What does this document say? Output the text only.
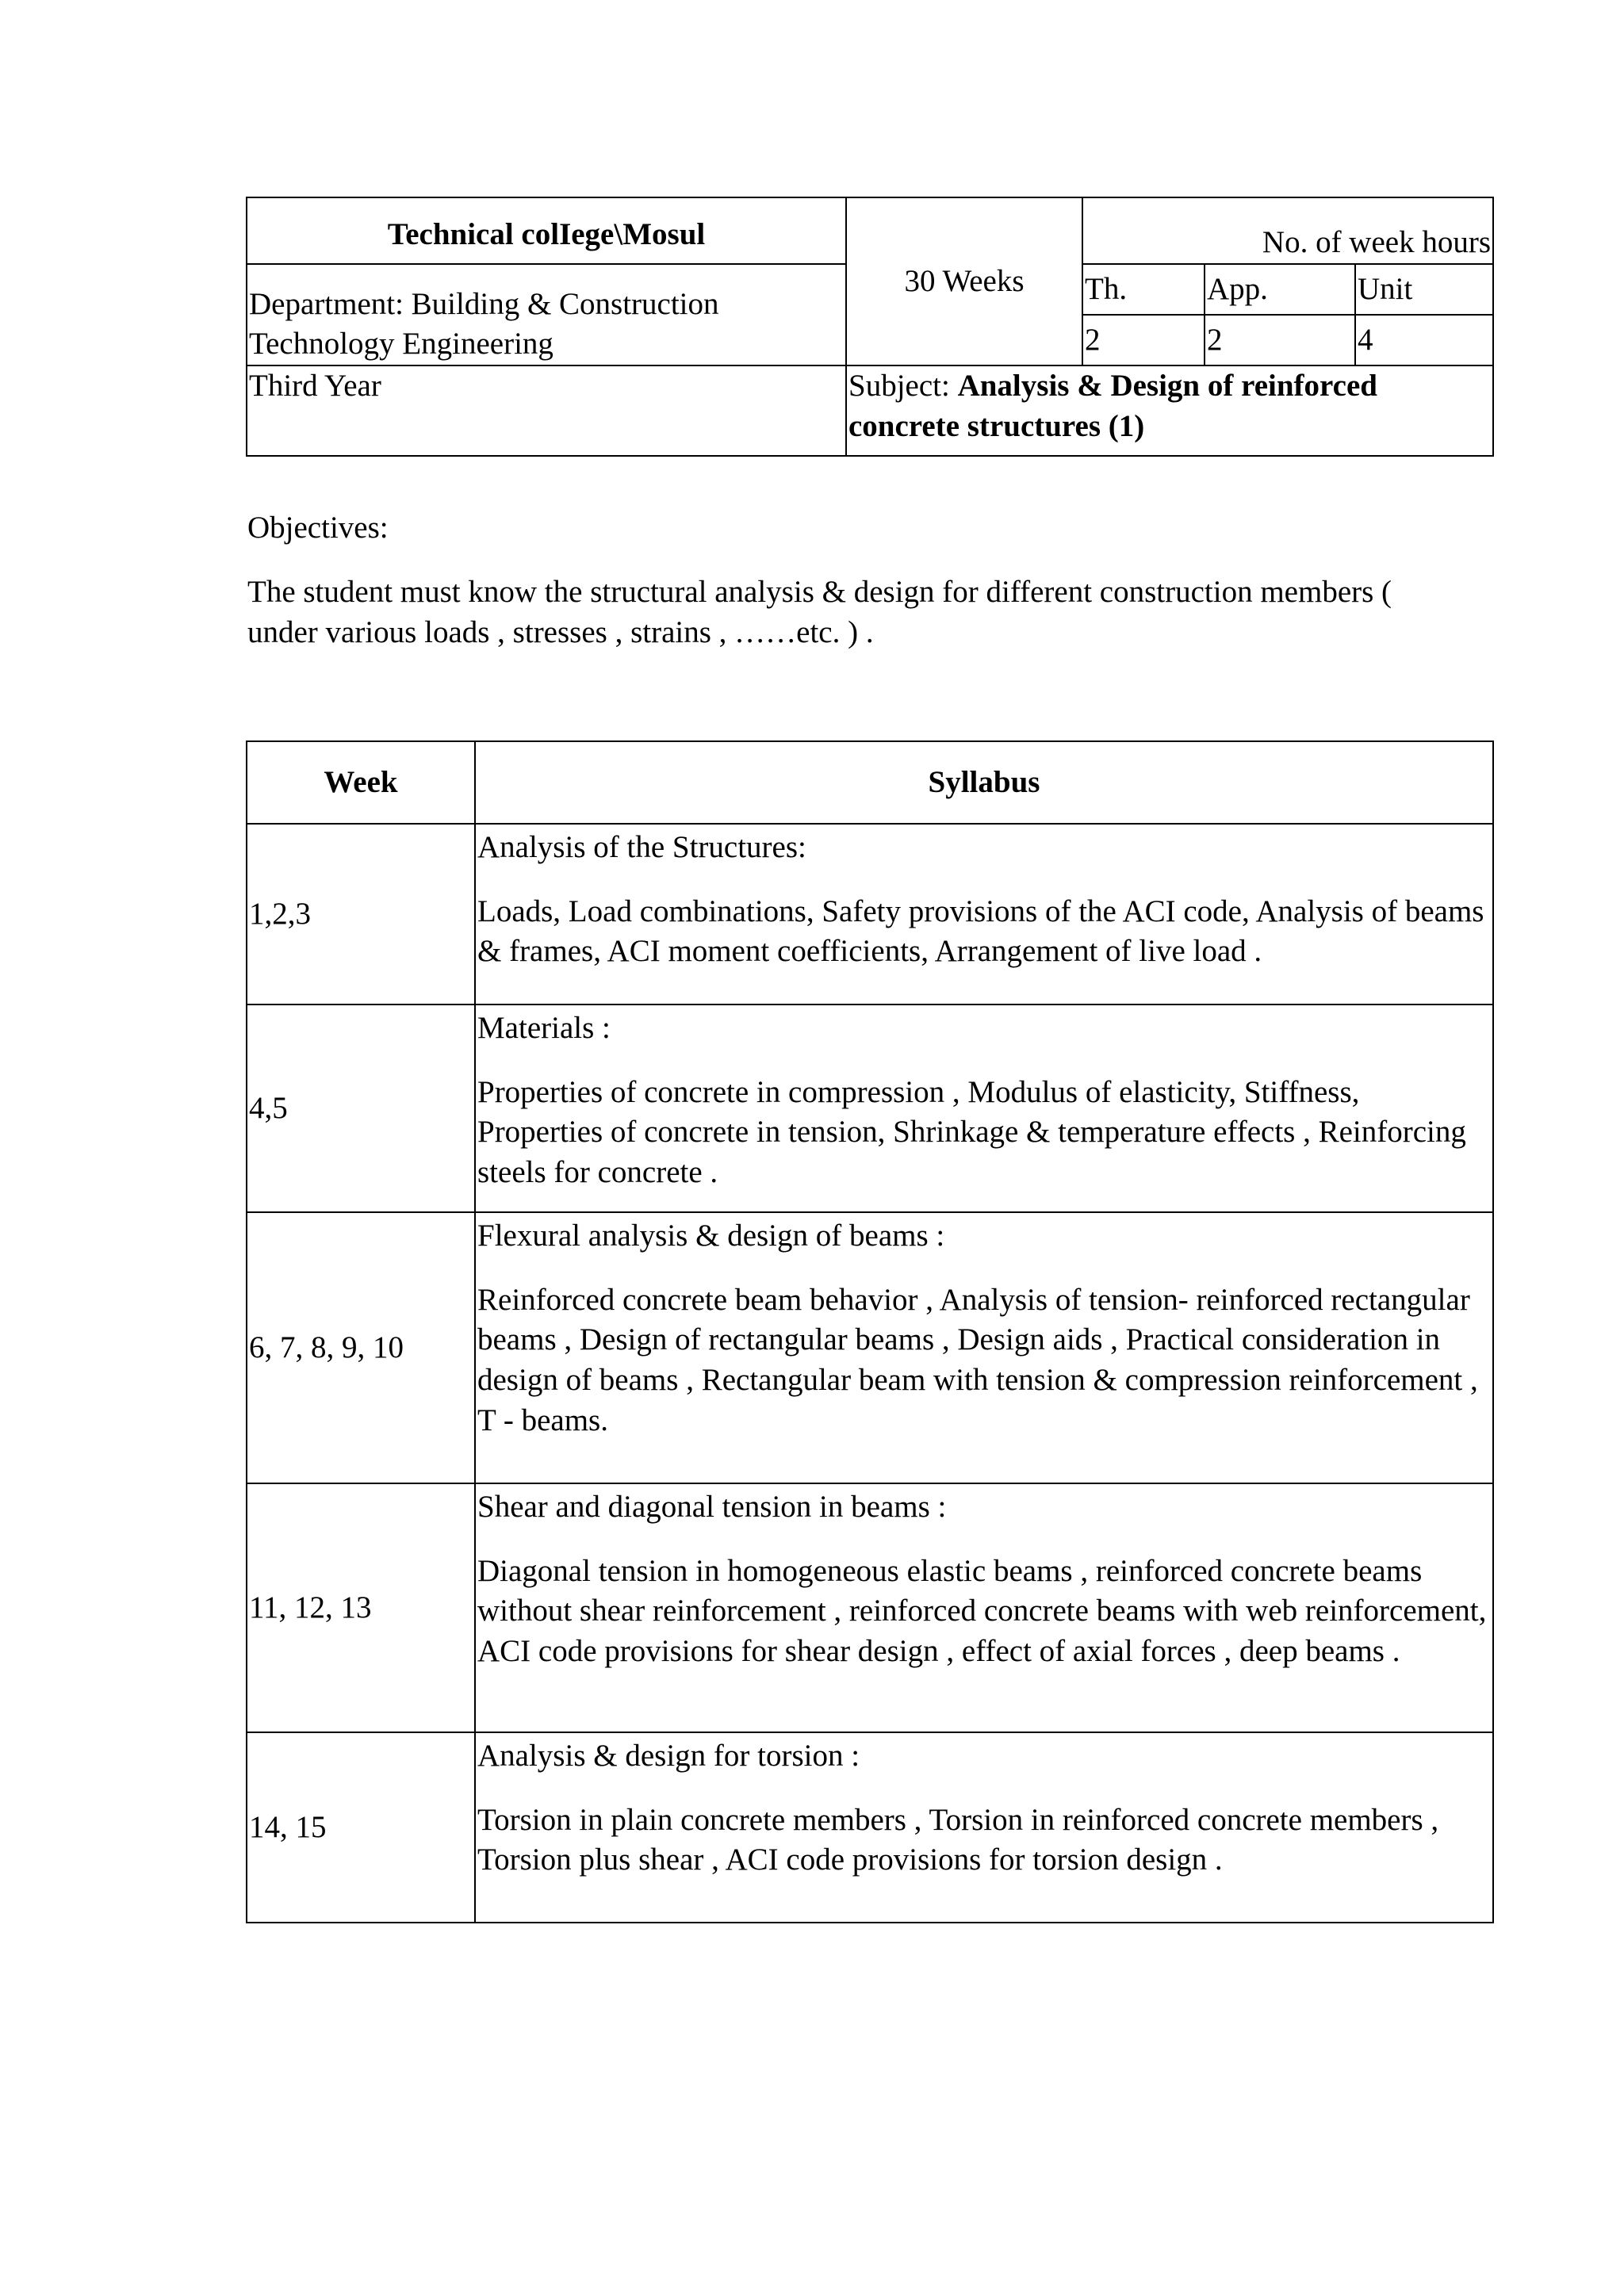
Technical colIege\Mosul	30 Weeks	No. of week hours		
Department: Building & Construction Technology Engineering		Th.	App.	Unit
		2	2	4
Third Year	Subject: Analysis & Design of reinforced concrete structures (1)			
Objectives:
The student must know the structural analysis & design for different construction members ( under various loads , stresses , strains , ……etc. ) .
Week	Syllabus
1,2,3	Analysis of the Structures:

Loads, Load combinations, Safety provisions of the ACI code, Analysis of beams & frames, ACI moment coefficients, Arrangement of live load .

4,5	Materials :

Properties of concrete in compression , Modulus of elasticity, Stiffness, Properties of concrete in tension, Shrinkage & temperature effects , Reinforcing steels for concrete .

6, 7, 8, 9, 10	Flexural analysis & design of beams :

Reinforced concrete beam behavior , Analysis of tension- reinforced rectangular beams , Design of rectangular beams , Design aids , Practical consideration in design of beams , Rectangular beam with tension & compression reinforcement , T - beams.

11, 12, 13	Shear and diagonal tension in beams :

Diagonal tension in homogeneous elastic beams , reinforced concrete beams without shear reinforcement , reinforced concrete beams with web reinforcement, ACI code provisions for shear design , effect of axial forces , deep beams .

14, 15	Analysis & design for torsion :

Torsion in plain concrete members , Torsion in reinforced concrete members , Torsion plus shear , ACI code provisions for torsion design .
